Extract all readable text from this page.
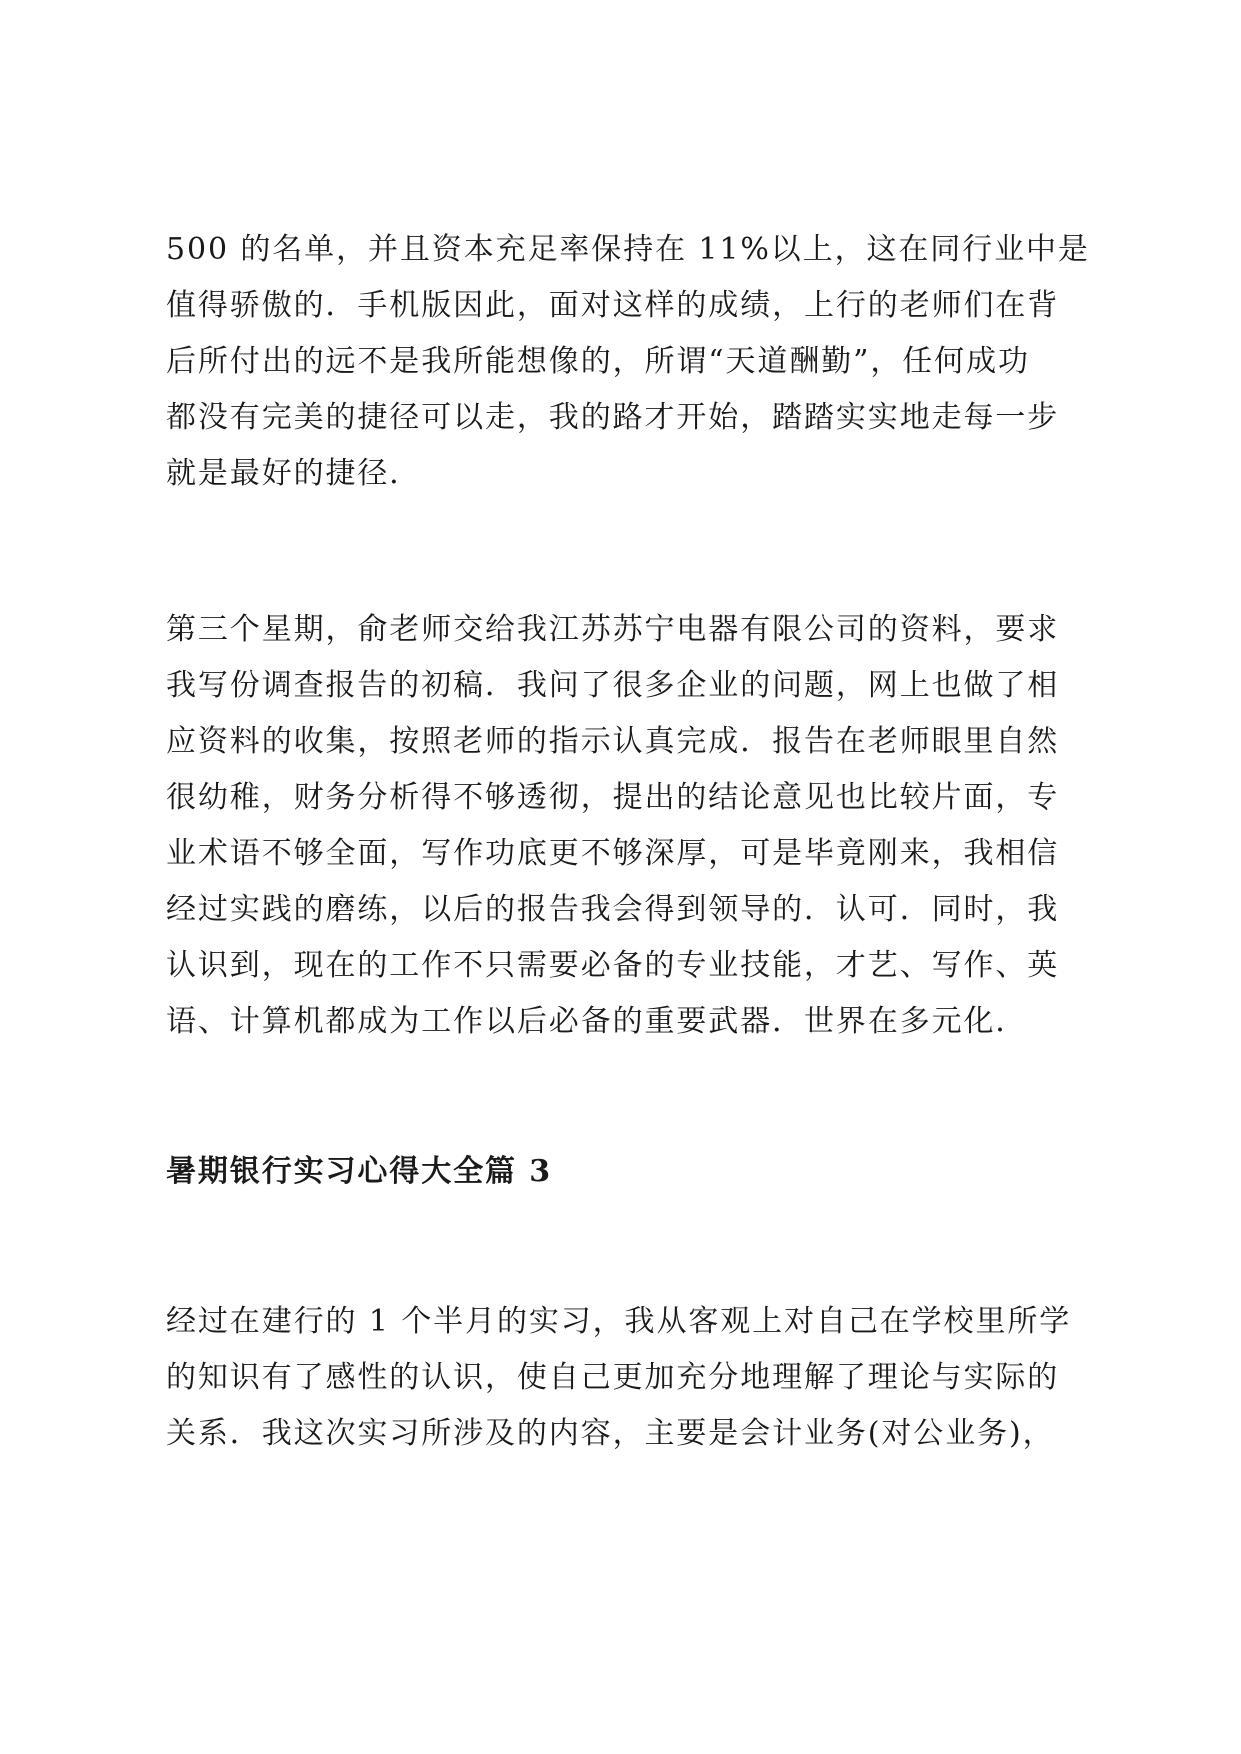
500 的名单，并且资本充足率保持在 11%以上，这在同行业中是
值得骄傲的．手机版因此，面对这样的成绩，上行的老师们在背
后所付出的远不是我所能想像的，所谓“天道酬勤”，任何成功
都没有完美的捷径可以走，我的路才开始，踏踏实实地走每一步
就是最好的捷径．

第三个星期，俞老师交给我江苏苏宁电器有限公司的资料，要求
我写份调查报告的初稿．我问了很多企业的问题，网上也做了相
应资料的收集，按照老师的指示认真完成．报告在老师眼里自然
很幼稚，财务分析得不够透彻，提出的结论意见也比较片面，专
业术语不够全面，写作功底更不够深厚，可是毕竟刚来，我相信
经过实践的磨练，以后的报告我会得到领导的．认可．同时，我
认识到，现在的工作不只需要必备的专业技能，才艺、写作、英
语、计算机都成为工作以后必备的重要武器．世界在多元化．

暑期银行实习心得大全篇 3

经过在建行的 1 个半月的实习，我从客观上对自己在学校里所学
的知识有了感性的认识，使自己更加充分地理解了理论与实际的
关系．我这次实习所涉及的内容，主要是会计业务(对公业务)，
